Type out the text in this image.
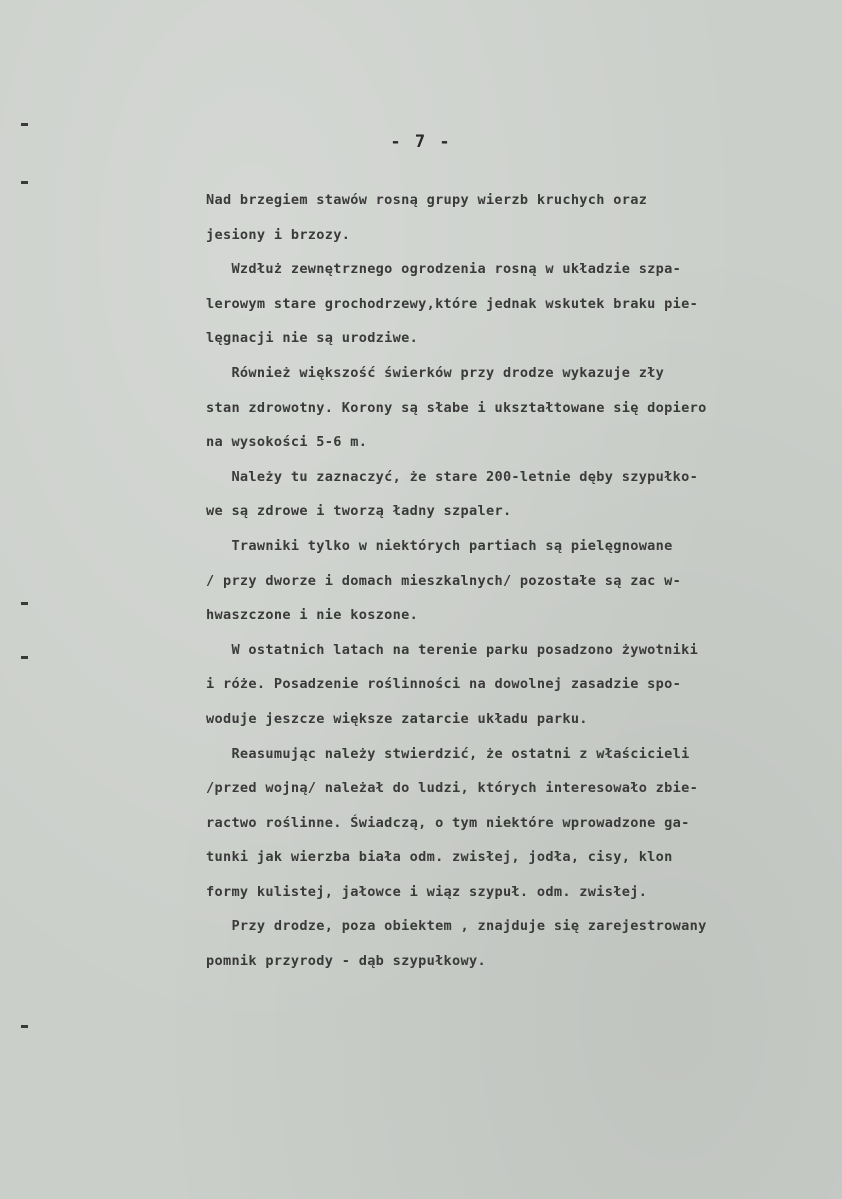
- 7 -
Nad brzegiem stawów rosną grupy wierzb kruchych oraz
jesiony i brzozy.
Wzdłuż zewnętrznego ogrodzenia rosną w układzie szpa-
lerowym stare grochodrzewy,które jednak wskutek braku pie-
lęgnacji nie są urodziwe.
Również większość świerków przy drodze wykazuje zły
stan zdrowotny. Korony są słabe i ukształtowane się dopiero
na wysokości 5-6 m.
Należy tu zaznaczyć, że stare 200-letnie dęby szypułko-
we są zdrowe i tworzą ładny szpaler.
Trawniki tylko w niektórych partiach są pielęgnowane
/ przy dworze i domach mieszkalnych/ pozostałe są zac w-
hwaszczone i nie koszone.
W ostatnich latach na terenie parku posadzono żywotniki
i róże. Posadzenie roślinności na dowolnej zasadzie spo-
woduje jeszcze większe zatarcie układu parku.
Reasumując należy stwierdzić, że ostatni z właścicieli
/przed wojną/ należał do ludzi, których interesowało zbie-
ractwo roślinne. Świadczą, o tym niektóre wprowadzone ga-
tunki jak wierzba biała odm. zwisłej, jodła, cisy, klon
formy kulistej, jałowce i wiąz szypuł. odm. zwisłej.
Przy drodze, poza obiektem , znajduje się zarejestrowany
pomnik przyrody - dąb szypułkowy.
